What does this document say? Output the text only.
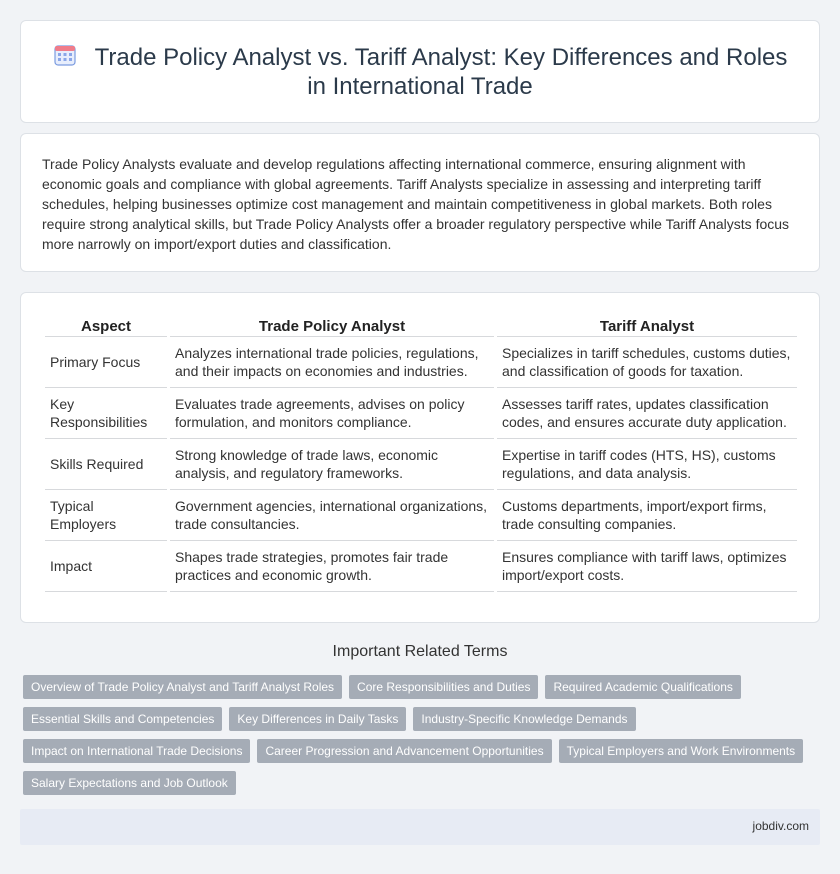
Trade Policy Analyst vs. Tariff Analyst: Key Differences and Roles in International Trade

Trade Policy Analysts evaluate and develop regulations affecting international commerce, ensuring alignment with economic goals and compliance with global agreements. Tariff Analysts specialize in assessing and interpreting tariff schedules, helping businesses optimize cost management and maintain competitiveness in global markets. Both roles require strong analytical skills, but Trade Policy Analysts offer a broader regulatory perspective while Tariff Analysts focus more narrowly on import/export duties and classification.

Aspect	Trade Policy Analyst	Tariff Analyst
Primary Focus	Analyzes international trade policies, regulations, and their impacts on economies and industries.	Specializes in tariff schedules, customs duties, and classification of goods for taxation.
Key Responsibilities	Evaluates trade agreements, advises on policy formulation, and monitors compliance.	Assesses tariff rates, updates classification codes, and ensures accurate duty application.
Skills Required	Strong knowledge of trade laws, economic analysis, and regulatory frameworks.	Expertise in tariff codes (HTS, HS), customs regulations, and data analysis.
Typical Employers	Government agencies, international organizations, trade consultancies.	Customs departments, import/export firms, trade consulting companies.
Impact	Shapes trade strategies, promotes fair trade practices and economic growth.	Ensures compliance with tariff laws, optimizes import/export costs.
Important Related Terms
Overview of Trade Policy Analyst and Tariff Analyst Roles	Core Responsibilities and Duties	Required Academic Qualifications
Essential Skills and Competencies	Key Differences in Daily Tasks	Industry-Specific Knowledge Demands
Impact on International Trade Decisions	Career Progression and Advancement Opportunities	Typical Employers and Work Environments
Salary Expectations and Job Outlook
jobdiv.com
